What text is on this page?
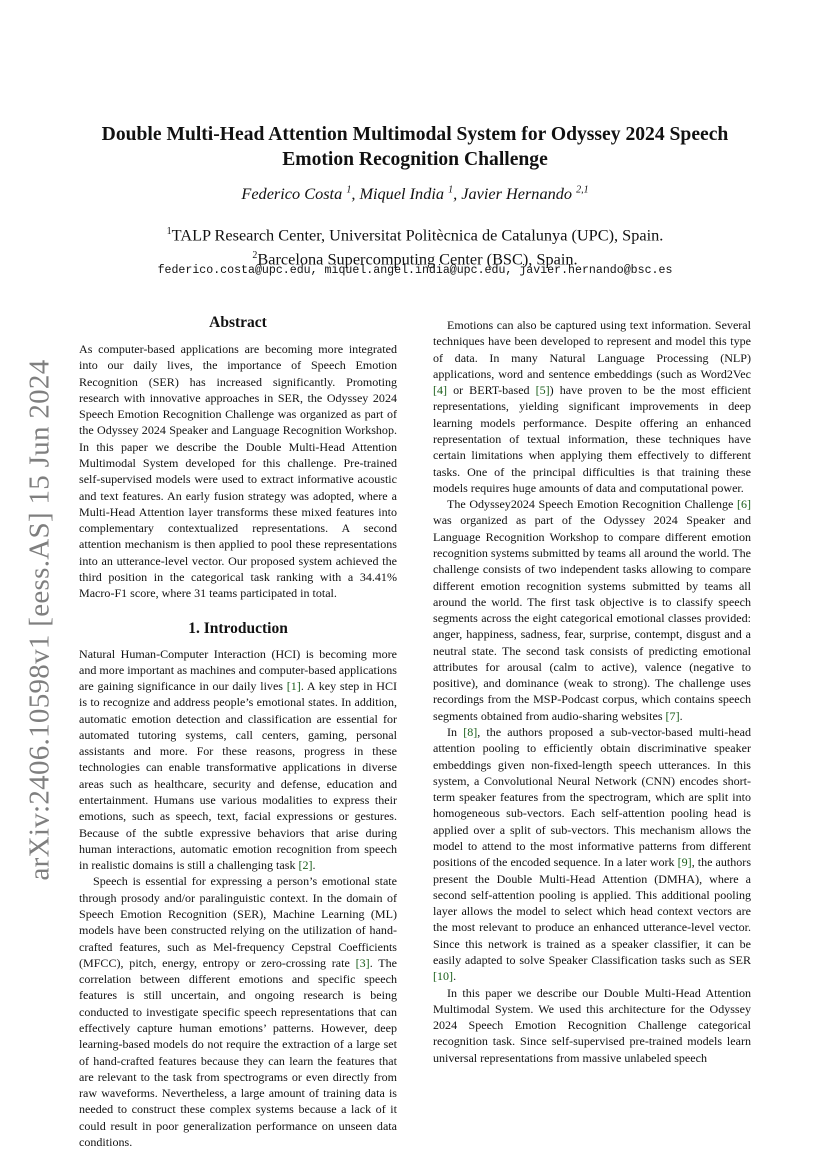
arXiv:2406.10598v1 [eess.AS] 15 Jun 2024
Double Multi-Head Attention Multimodal System for Odyssey 2024 Speech
Emotion Recognition Challenge
Federico Costa $^1$, Miquel India $^1$, Javier Hernando $^{2,1}$
$^1$TALP Research Center, Universitat Politècnica de Catalunya (UPC), Spain.
$^2$Barcelona Supercomputing Center (BSC), Spain.
federico.costa@upc.edu, miquel.angel.india@upc.edu, javier.hernando@bsc.es
Abstract

As computer-based applications are becoming more integrated into our daily lives, the importance of Speech Emotion Recognition (SER) has increased significantly. Promoting research with innovative approaches in SER, the Odyssey 2024 Speech Emotion Recognition Challenge was organized as part of the Odyssey 2024 Speaker and Language Recognition Workshop. In this paper we describe the Double Multi-Head Attention Multimodal System developed for this challenge. Pre-trained self-supervised models were used to extract informative acoustic and text features. An early fusion strategy was adopted, where a Multi-Head Attention layer transforms these mixed features into complementary contextualized representations. A second attention mechanism is then applied to pool these representations into an utterance-level vector. Our proposed system achieved the third position in the categorical task ranking with a 34.41% Macro-F1 score, where 31 teams participated in total.

1. Introduction

Natural Human-Computer Interaction (HCI) is becoming more and more important as machines and computer-based applications are gaining significance in our daily lives [1]. A key step in HCI is to recognize and address people’s emotional states. In addition, automatic emotion detection and classification are essential for automated tutoring systems, call centers, gaming, personal assistants and more. For these reasons, progress in these technologies can enable transformative applications in diverse areas such as healthcare, security and defense, education and entertainment. Humans use various modalities to express their emotions, such as speech, text, facial expressions or gestures. Because of the subtle expressive behaviors that arise during human interactions, automatic emotion recognition from speech in realistic domains is still a challenging task [2].

Speech is essential for expressing a person’s emotional state through prosody and/or paralinguistic context. In the domain of Speech Emotion Recognition (SER), Machine Learning (ML) models have been constructed relying on the utilization of hand-crafted features, such as Mel-frequency Cepstral Coefficients (MFCC), pitch, energy, entropy or zero-crossing rate [3]. The correlation between different emotions and specific speech features is still uncertain, and ongoing research is being conducted to investigate specific speech representations that can effectively capture human emotions’ patterns. However, deep learning-based models do not require the extraction of a large set of hand-crafted features because they can learn the features that are relevant to the task from spectrograms or even directly from raw waveforms. Nevertheless, a large amount of training data is needed to construct these complex systems because a lack of it could result in poor generalization performance on unseen data conditions.

Emotions can also be captured using text information. Several techniques have been developed to represent and model this type of data. In many Natural Language Processing (NLP) applications, word and sentence embeddings (such as Word2Vec [4] or BERT-based [5]) have proven to be the most efficient representations, yielding significant improvements in deep learning models performance. Despite offering an enhanced representation of textual information, these techniques have certain limitations when applying them effectively to different tasks. One of the principal difficulties is that training these models requires huge amounts of data and computational power.

The Odyssey2024 Speech Emotion Recognition Challenge [6] was organized as part of the Odyssey 2024 Speaker and Language Recognition Workshop to compare different emotion recognition systems submitted by teams all around the world. The challenge consists of two independent tasks allowing to compare different emotion recognition systems submitted by teams all around the world. The first task objective is to classify speech segments across the eight categorical emotional classes provided: anger, happiness, sadness, fear, surprise, contempt, disgust and a neutral state. The second task consists of predicting emotional attributes for arousal (calm to active), valence (negative to positive), and dominance (weak to strong). The challenge uses recordings from the MSP-Podcast corpus, which contains speech segments obtained from audio-sharing websites [7].

In [8], the authors proposed a sub-vector-based multi-head attention pooling to efficiently obtain discriminative speaker embeddings given non-fixed-length speech utterances. In this system, a Convolutional Neural Network (CNN) encodes short-term speaker features from the spectrogram, which are split into homogeneous sub-vectors. Each self-attention pooling head is applied over a split of sub-vectors. This mechanism allows the model to attend to the most informative patterns from different positions of the encoded sequence. In a later work [9], the authors present the Double Multi-Head Attention (DMHA), where a second self-attention pooling is applied. This additional pooling layer allows the model to select which head context vectors are the most relevant to produce an enhanced utterance-level vector. Since this network is trained as a speaker classifier, it can be easily adapted to solve Speaker Classification tasks such as SER [10].

In this paper we describe our Double Multi-Head Attention Multimodal System. We used this architecture for the Odyssey 2024 Speech Emotion Recognition Challenge categorical recognition task. Since self-supervised pre-trained models learn universal representations from massive unlabeled speech
